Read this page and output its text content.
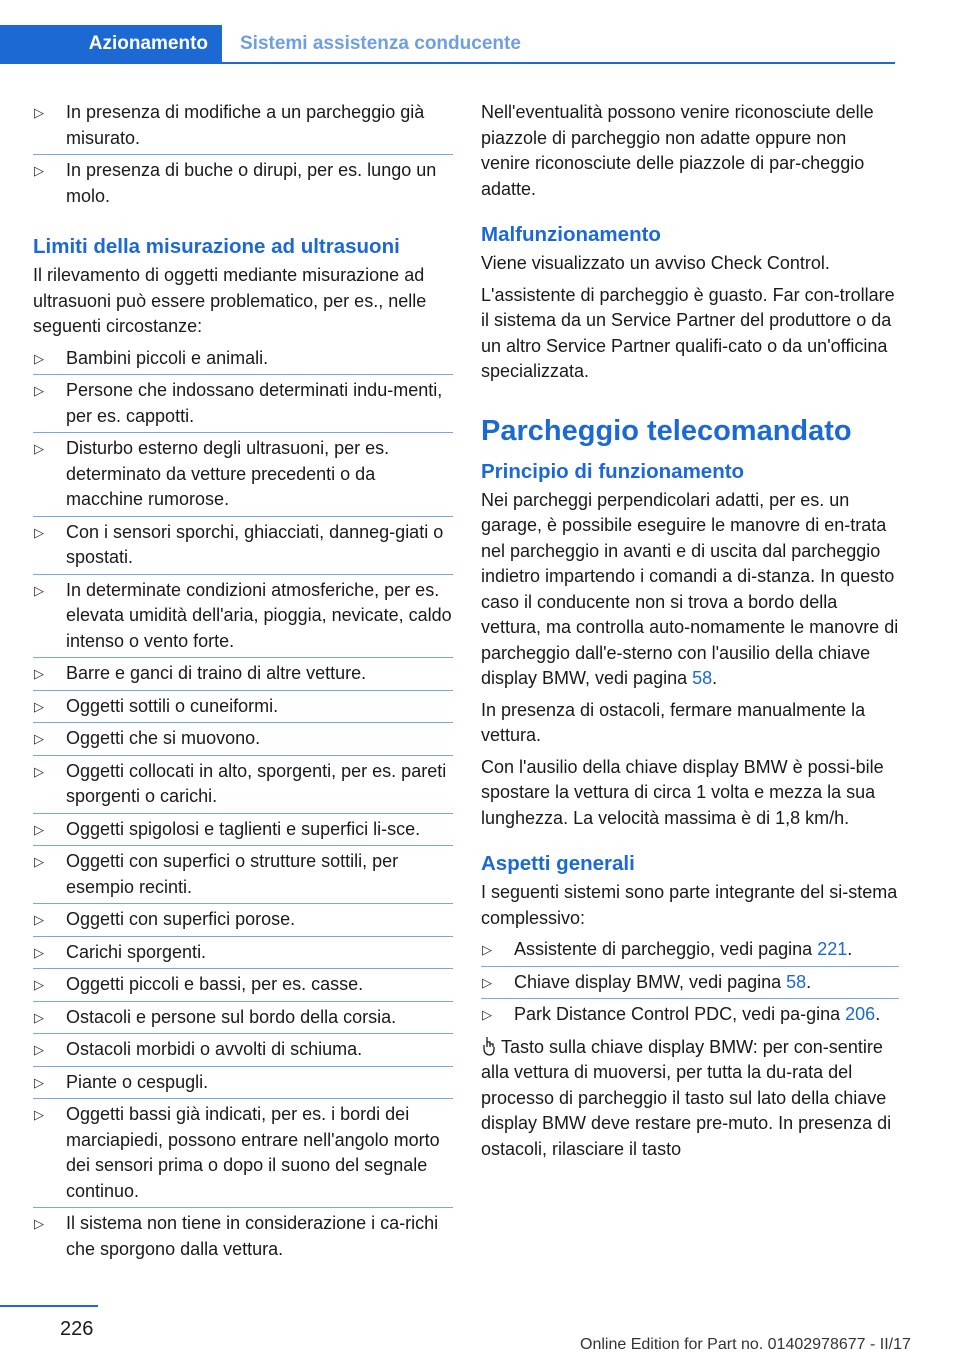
Azionamento	Sistemi assistenza conducente
▷ In presenza di modifiche a un parcheggio già misurato.
▷ In presenza di buche o dirupi, per es. lungo un molo.
Limiti della misurazione ad ultrasuoni

Il rilevamento di oggetti mediante misurazione ad ultrasuoni può essere problematico, per es., nelle seguenti circostanze:

▷ Bambini piccoli e animali.
▷ Persone che indossano determinati indu‐menti, per es. cappotti.
▷ Disturbo esterno degli ultrasuoni, per es. determinato da vetture precedenti o da macchine rumorose.
▷ Con i sensori sporchi, ghiacciati, danneg‐giati o spostati.
▷ In determinate condizioni atmosferiche, per es. elevata umidità dell'aria, pioggia, nevicate, caldo intenso o vento forte.
▷ Barre e ganci di traino di altre vetture.
▷ Oggetti sottili o cuneiformi.
▷ Oggetti che si muovono.
▷ Oggetti collocati in alto, sporgenti, per es. pareti sporgenti o carichi.
▷ Oggetti spigolosi e taglienti e superfici li‐sce.
▷ Oggetti con superfici o strutture sottili, per esempio recinti.
▷ Oggetti con superfici porose.
▷ Carichi sporgenti.
▷ Oggetti piccoli e bassi, per es. casse.
▷ Ostacoli e persone sul bordo della corsia.
▷ Ostacoli morbidi o avvolti di schiuma.
▷ Piante o cespugli.
▷ Oggetti bassi già indicati, per es. i bordi dei marciapiedi, possono entrare nell'angolo morto dei sensori prima o dopo il suono del segnale continuo.
▷ Il sistema non tiene in considerazione i ca‐richi che sporgono dalla vettura.

Nell'eventualità possono venire riconosciute delle piazzole di parcheggio non adatte oppure non venire riconosciute delle piazzole di par‐cheggio adatte.

Malfunzionamento

Viene visualizzato un avviso Check Control.

L'assistente di parcheggio è guasto. Far con‐trollare il sistema da un Service Partner del produttore o da un altro Service Partner qualifi‐cato o da un'officina specializzata.

Parcheggio telecomandato
Principio di funzionamento

Nei parcheggi perpendicolari adatti, per es. un garage, è possibile eseguire le manovre di en‐trata nel parcheggio in avanti e di uscita dal parcheggio indietro impartendo i comandi a di‐stanza. In questo caso il conducente non si trova a bordo della vettura, ma controlla auto‐nomamente le manovre di parcheggio dall'e‐sterno con l'ausilio della chiave display BMW, vedi pagina 58.

In presenza di ostacoli, fermare manualmente la vettura.

Con l'ausilio della chiave display BMW è possi‐bile spostare la vettura di circa 1 volta e mezza la sua lunghezza. La velocità massima è di 1,8 km/h.

Aspetti generali

I seguenti sistemi sono parte integrante del si‐stema complessivo:

▷ Assistente di parcheggio, vedi pagina 221.
▷ Chiave display BMW, vedi pagina 58.
▷ Park Distance Control PDC, vedi pa‐gina 206.

Tasto sulla chiave display BMW: per con‐sentire alla vettura di muoversi, per tutta la du‐rata del processo di parcheggio il tasto sul lato della chiave display BMW deve restare pre‐muto. In presenza di ostacoli, rilasciare il tasto

226
Online Edition for Part no. 01402978677 - II/17
